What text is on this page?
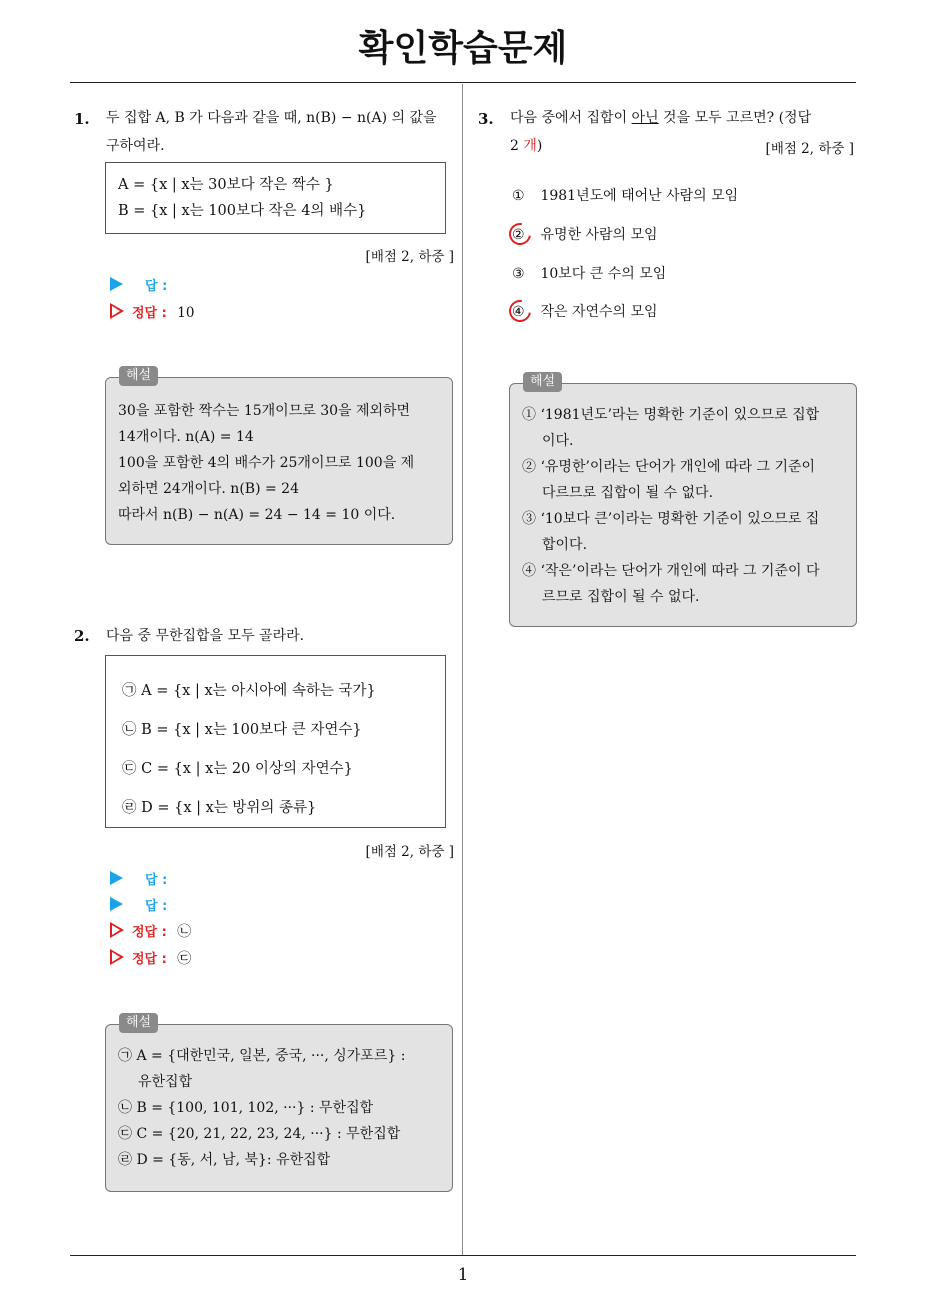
확인학습문제
1. 두 집합 A, B 가 다음과 같을 때, n(B) − n(A) 의 값을
구하여라.
A = {x | x는 30보다 작은 짝수 }
B = {x | x는 100보다 작은 4의 배수}
[배점 2, 하중 ]
답 :
정답 : 10
30을 포함한 짝수는 15개이므로 30을 제외하면
14개이다. n(A) = 14
100을 포함한 4의 배수가 25개이므로 100을 제
외하면 24개이다. n(B) = 24
따라서 n(B) − n(A) = 24 − 14 = 10 이다.
해설
2. 다음 중 무한집합을 모두 골라라.
㉠ A = {x | x는 아시아에 속하는 국가}
㉡ B = {x | x는 100보다 큰 자연수}
㉢ C = {x | x는 20 이상의 자연수}
㉣ D = {x | x는 방위의 종류}
[배점 2, 하중 ]
답 :
답 :
정답 : ㉡
정답 : ㉢
㉠ A = {대한민국, 일본, 중국, ···, 싱가포르} :
유한집합
㉡ B = {100, 101, 102, ···} : 무한집합
㉢ C = {20, 21, 22, 23, 24, ···} : 무한집합
㉣ D = {동, 서, 남, 북}: 유한집합
해설
3. 다음 중에서 집합이 아닌 것을 모두 고르면? (정답
2 개)	[배점 2, 하중 ]
① 1981년도에 태어난 사람의 모임
② 유명한 사람의 모임
③ 10보다 큰 수의 모임
④ 작은 자연수의 모임
① ‘1981년도’라는 명확한 기준이 있으므로 집합
이다.
② ‘유명한’이라는 단어가 개인에 따라 그 기준이
다르므로 집합이 될 수 없다.
③ ‘10보다 큰’이라는 명확한 기준이 있으므로 집
합이다.
④ ‘작은’이라는 단어가 개인에 따라 그 기준이 다
르므로 집합이 될 수 없다.
해설
1
